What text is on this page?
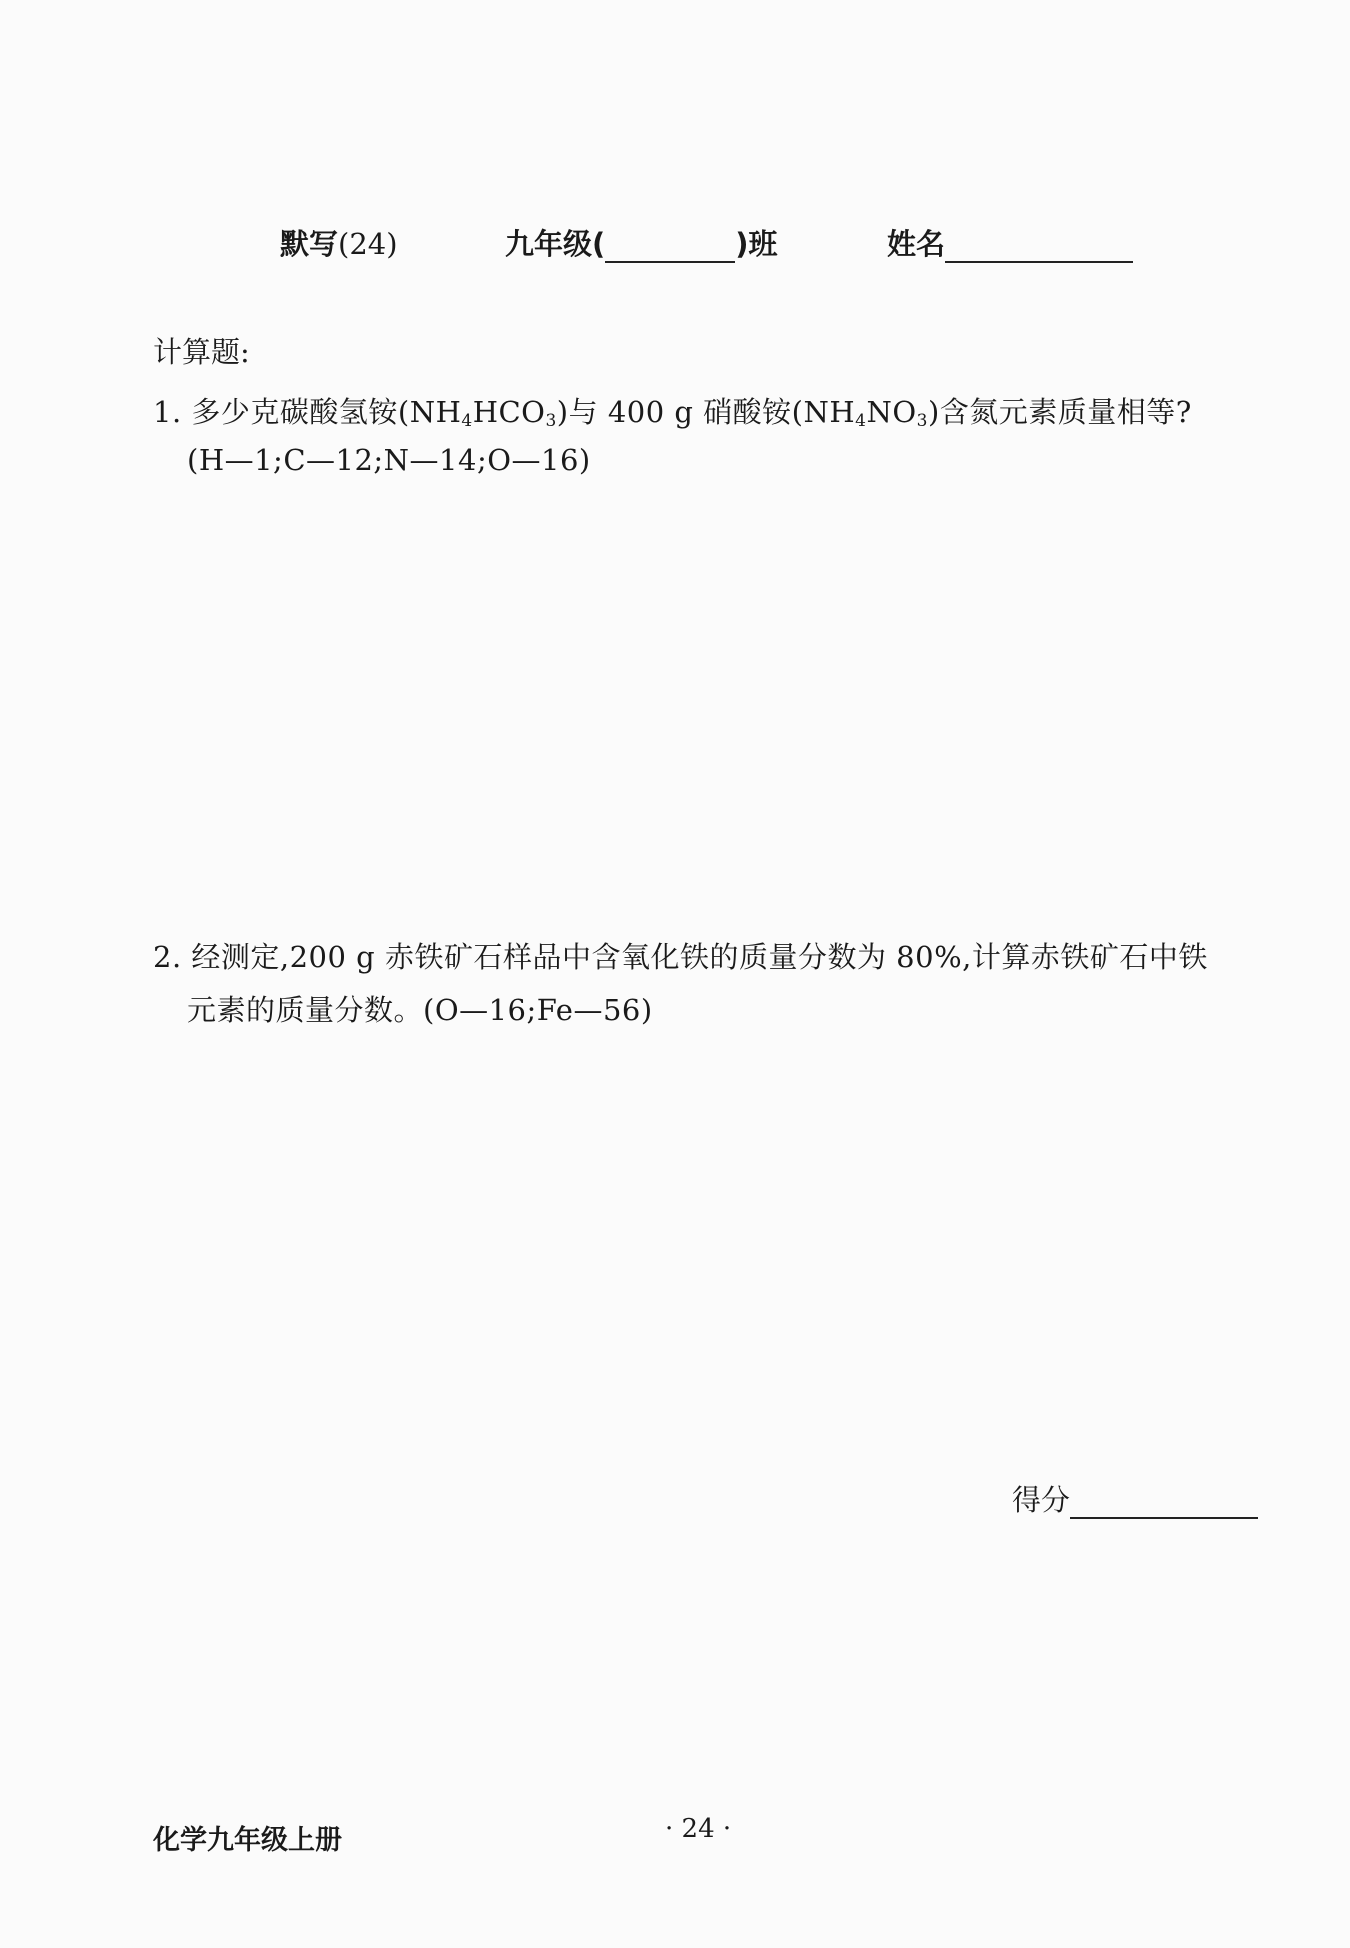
默写(24)	九年级(	)班	姓名
计算题:
1. 多少克碳酸氢铵$(NH_4HCO_3)$与 400 g 硝酸铵$(NH_4NO_3)$含氮元素质量相等?
(H—1;C—12;N—14;O—16)
2. 经测定,200 g 赤铁矿石样品中含氧化铁的质量分数为 80%,计算赤铁矿石中铁
元素的质量分数。(O—16;Fe—56)
得分
化学九年级上册	· 24 ·
